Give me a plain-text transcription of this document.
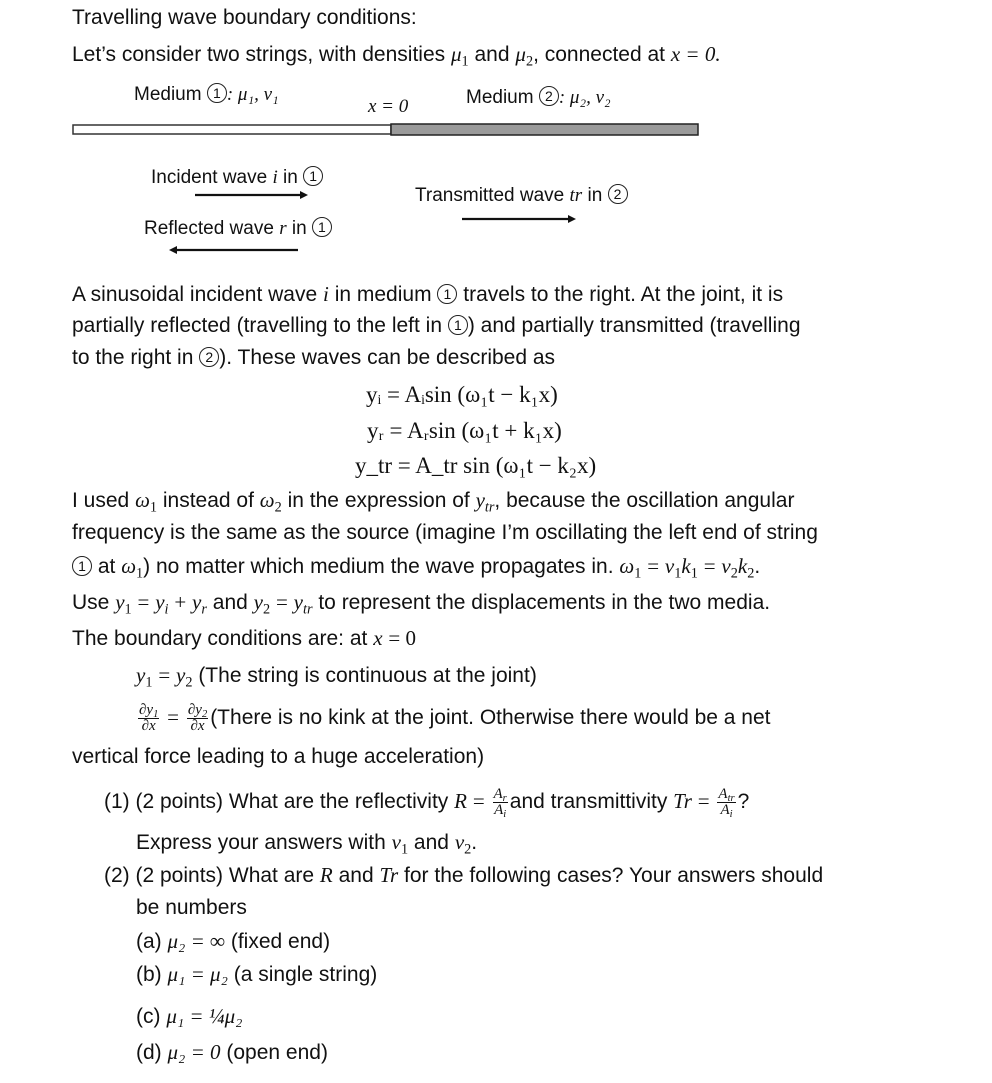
Travelling wave boundary conditions:
Let’s consider two strings, with densities $\mu_1$ and $\mu_2$, connected at x = 0.
Medium 1 : μ₁, v₁
x = 0	Medium 2 : μ₂, v₂
Incident wave i in 1
Transmitted wave tr in 2
Reflected wave r in 1
A sinusoidal incident wave i in medium 1 travels to the right. At the joint, it is
partially reflected (travelling to the left in 1 ) and partially transmitted (travelling
to the right in 2 ). These waves can be described as
yᵢ = Aᵢsin (ω₁t − k₁x)
yᵣ = Aᵣsin (ω₁t + k₁x)
y_tr = A_tr sin (ω₁t − k₂x)
I used $\omega_1$ instead of $\omega_2$ in the expression of $y_{tr}$, because the oscillation angular
frequency is the same as the source (imagine I’m oscillating the left end of string
1 at $\omega_1$) no matter which medium the wave propagates in. $\omega_1 = v_1k_1 = v_2k_2$.
Use $y_1 = y_i + y_r$ and $y_2 = y_{tr}$ to represent the displacements in the two media.
The boundary conditions are: at x = 0
$y_1 = y_2$ (The string is continuous at the joint)
$\frac{\partial y_1}{\partial x} = \frac{\partial y_2}{\partial x}$ (There is no kink at the joint. Otherwise there would be a net
vertical force leading to a huge acceleration)
(1) (2 points) What are the reflectivity $R = \frac{A_r}{A_i}$ and transmittivity $Tr = \frac{A_{tr}}{A_i}$ ?
Express your answers with $v_1$ and $v_2$.
(2) (2 points) What are R and Tr for the following cases? Your answers should
be numbers
(a) μ₂ = ∞ (fixed end)
(b) μ₁ = μ₂ (a single string)
(c) μ₁ = ¼μ₂
(d) μ₂ = 0 (open end)
